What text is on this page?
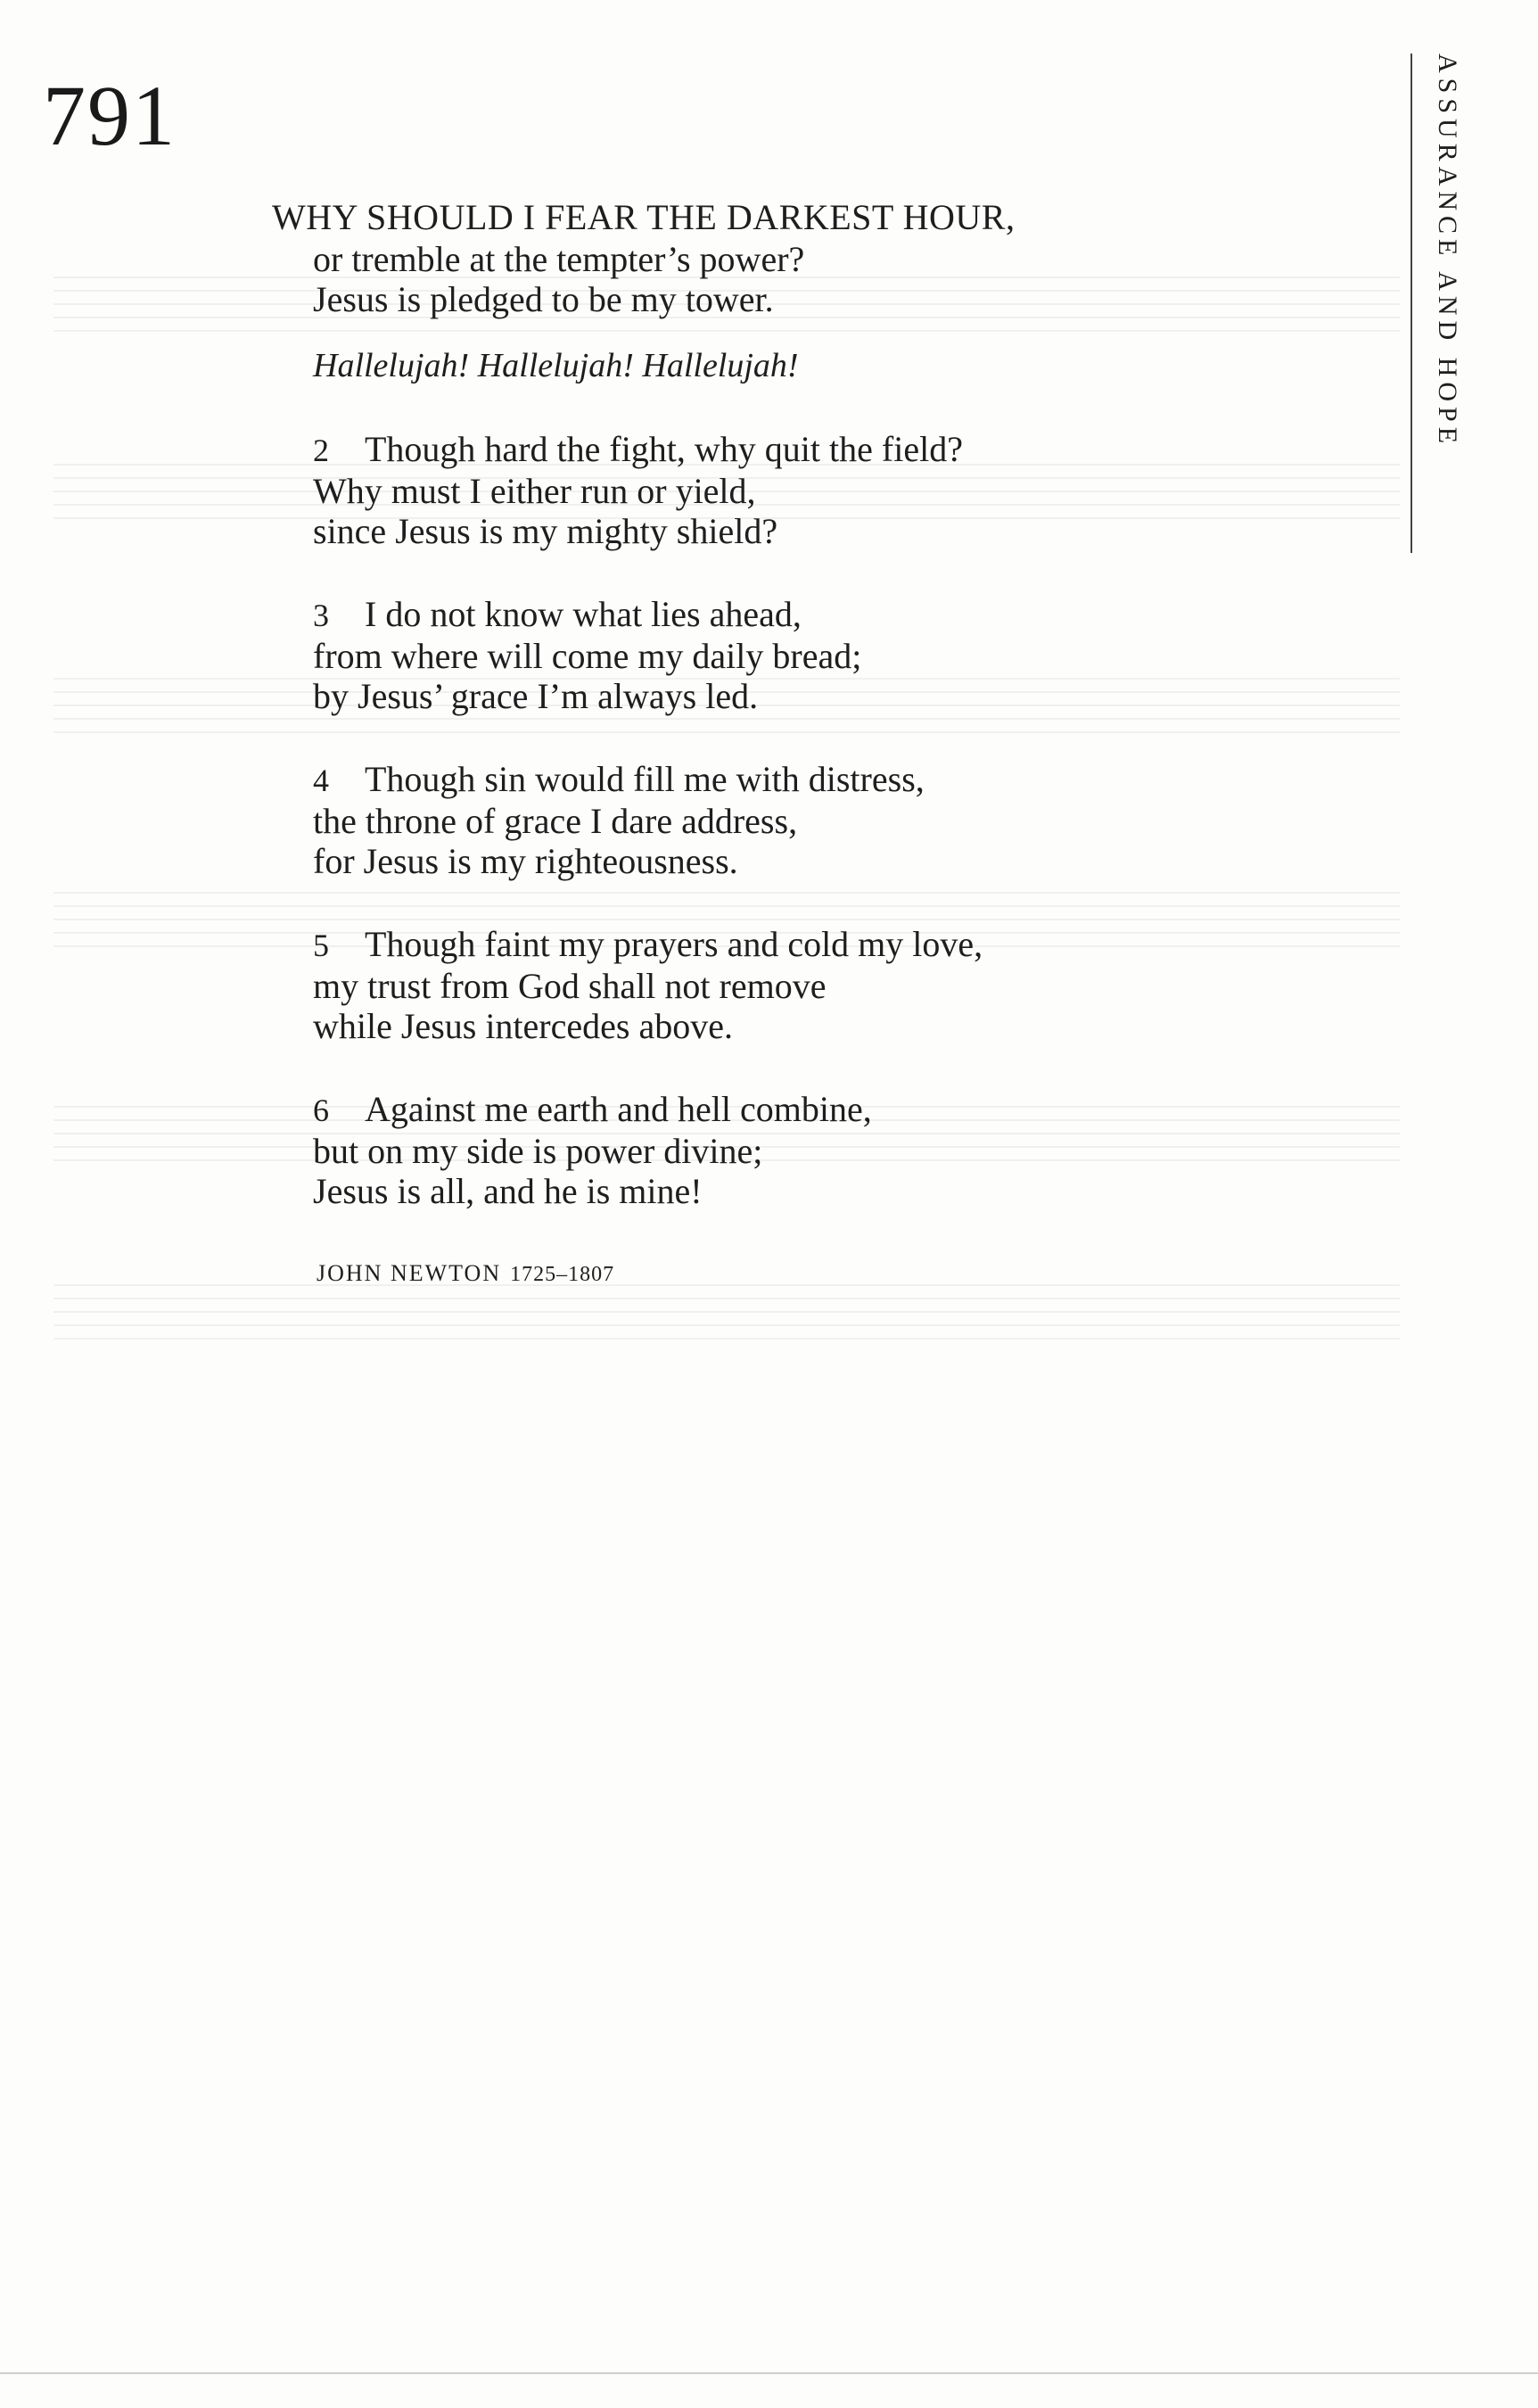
791	ASSURANCE AND HOPE
WHY SHOULD I FEAR THE DARKEST HOUR,
or tremble at the tempter’s power?
Jesus is pledged to be my tower.
Hallelujah! Hallelujah! Hallelujah!
2 Though hard the fight, why quit the field?
Why must I either run or yield,
since Jesus is my mighty shield?
3 I do not know what lies ahead,
from where will come my daily bread;
by Jesus’ grace I’m always led.
4 Though sin would fill me with distress,
the throne of grace I dare address,
for Jesus is my righteousness.
5 Though faint my prayers and cold my love,
my trust from God shall not remove
while Jesus intercedes above.
6 Against me earth and hell combine,
but on my side is power divine;
Jesus is all, and he is mine!
JOHN NEWTON 1725–1807
